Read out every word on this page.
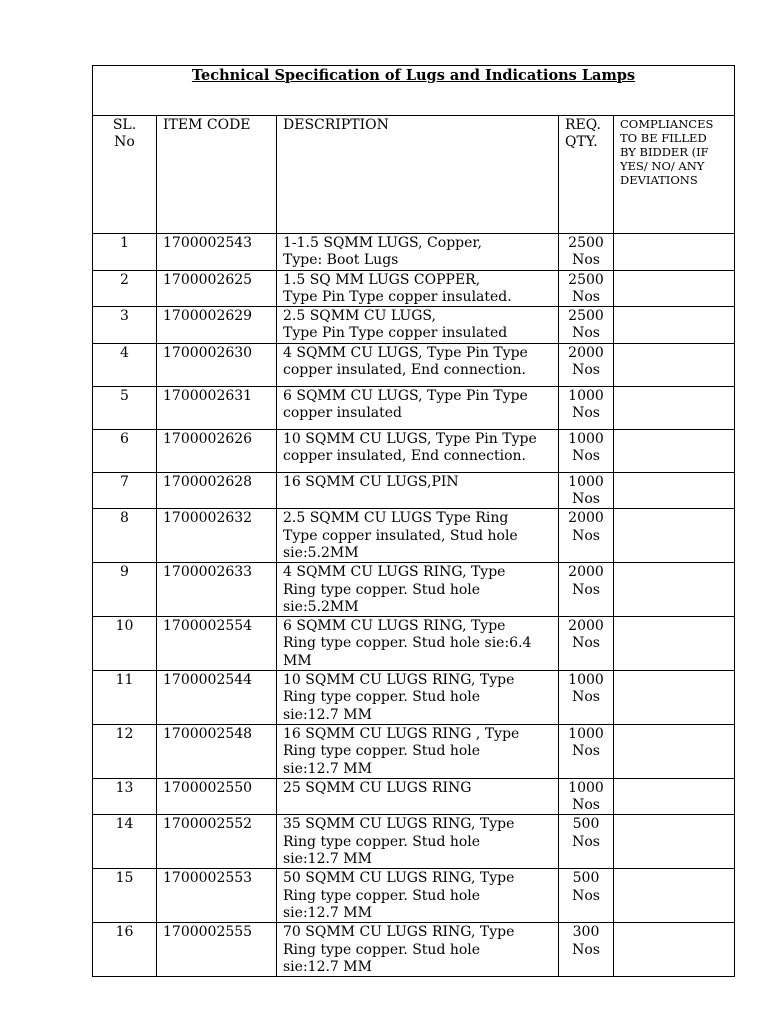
Technical Specification of Lugs and Indications Lamps				

SL.
No	ITEM CODE	DESCRIPTION	REQ.
QTY.	COMPLIANCES
TO BE FILLED
BY BIDDER (IF
YES/ NO/ ANY
DEVIATIONS

1	1700002543	1-1.5 SQMM LUGS, Copper,
Type: Boot Lugs	2500
Nos	

2	1700002625	1.5 SQ MM LUGS COPPER,
Type Pin Type copper insulated.	2500
Nos	

3	1700002629	2.5 SQMM CU LUGS,
Type Pin Type copper insulated	2500
Nos	

4	1700002630	4 SQMM CU LUGS, Type Pin Type
copper insulated, End connection.	2000
Nos	

5	1700002631	6 SQMM CU LUGS, Type Pin Type
copper insulated	1000
Nos	

6	1700002626	10 SQMM CU LUGS, Type Pin Type
copper insulated, End connection.	1000
Nos	

7	1700002628	16 SQMM CU LUGS,PIN	1000
Nos	

8	1700002632	2.5 SQMM CU LUGS Type Ring
Type copper insulated, Stud hole
sie:5.2MM	2000
Nos	

9	1700002633	4 SQMM CU LUGS RING, Type
Ring type copper. Stud hole
sie:5.2MM	2000
Nos	

10	1700002554	6 SQMM CU LUGS RING, Type
Ring type copper. Stud hole sie:6.4
MM	2000
Nos	

11	1700002544	10 SQMM CU LUGS RING, Type
Ring type copper. Stud hole
sie:12.7 MM	1000
Nos	

12	1700002548	16 SQMM CU LUGS RING , Type
Ring type copper. Stud hole
sie:12.7 MM	1000
Nos	

13	1700002550	25 SQMM CU LUGS RING	1000
Nos	

14	1700002552	35 SQMM CU LUGS RING, Type
Ring type copper. Stud hole
sie:12.7 MM	500
Nos	

15	1700002553	50 SQMM CU LUGS RING, Type
Ring type copper. Stud hole
sie:12.7 MM	500
Nos	

16	1700002555	70 SQMM CU LUGS RING, Type
Ring type copper. Stud hole
sie:12.7 MM	300
Nos	
